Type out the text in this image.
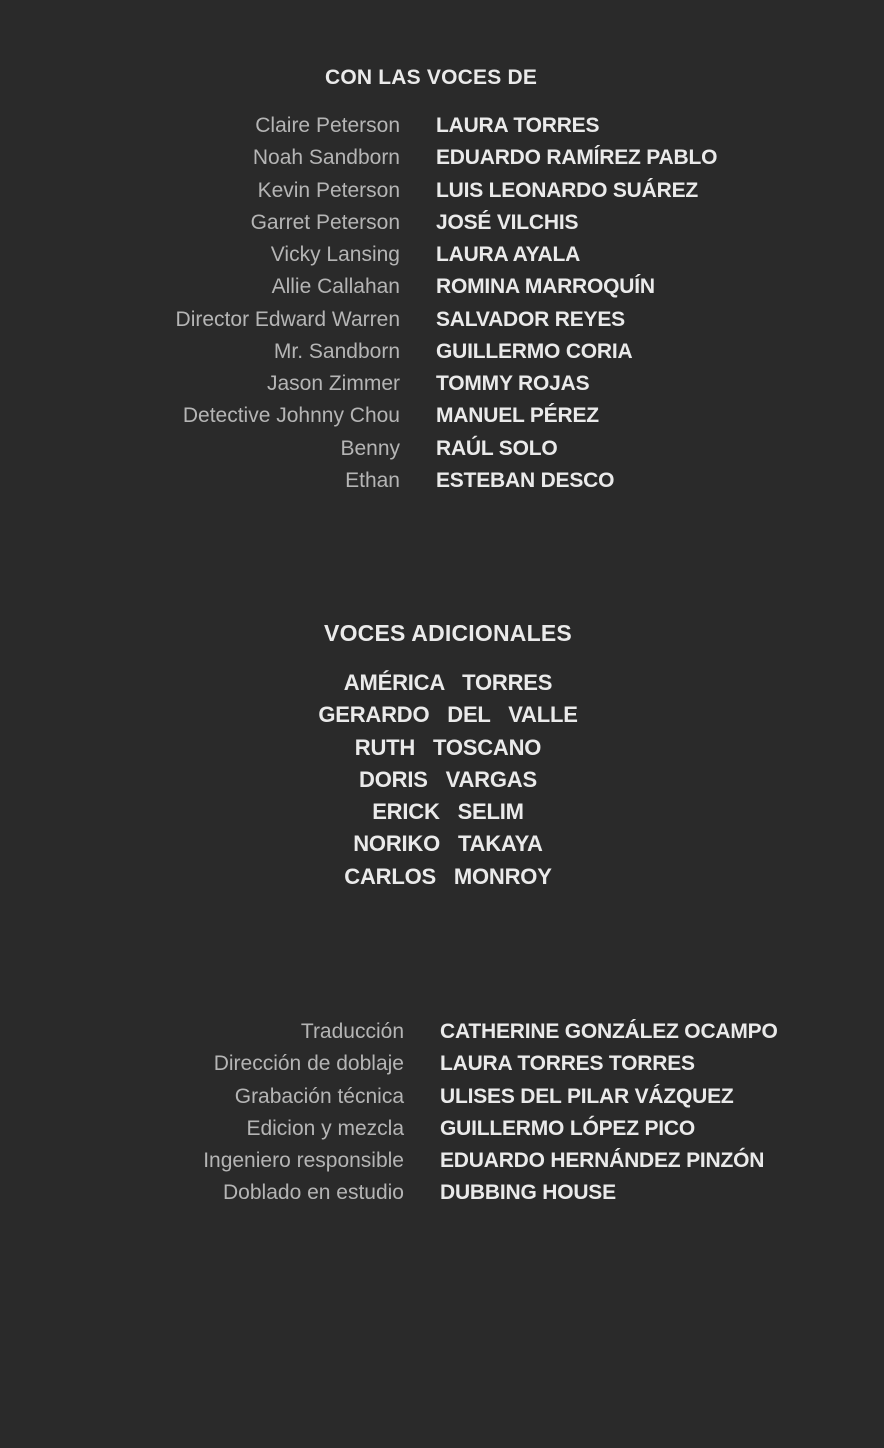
CON LAS VOCES DE
Claire Peterson LAURA TORRES
Noah Sandborn EDUARDO RAMÍREZ PABLO
Kevin Peterson LUIS LEONARDO SUÁREZ
Garret Peterson JOSÉ VILCHIS
Vicky Lansing LAURA AYALA
Allie Callahan ROMINA MARROQUÍN
Director Edward Warren SALVADOR REYES
Mr. Sandborn GUILLERMO CORIA
Jason Zimmer TOMMY ROJAS
Detective Johnny Chou MANUEL PÉREZ
Benny RAÚL SOLO
Ethan ESTEBAN DESCO
VOCES ADICIONALES
AMÉRICA TORRES
GERARDO DEL VALLE
RUTH TOSCANO
DORIS VARGAS
ERICK SELIM
NORIKO TAKAYA
CARLOS MONROY
Traducción CATHERINE GONZÁLEZ OCAMPO
Dirección de doblaje LAURA TORRES TORRES
Grabación técnica ULISES DEL PILAR VÁZQUEZ
Edicion y mezcla GUILLERMO LÓPEZ PICO
Ingeniero responsible EDUARDO HERNÁNDEZ PINZÓN
Doblado en estudio DUBBING HOUSE
